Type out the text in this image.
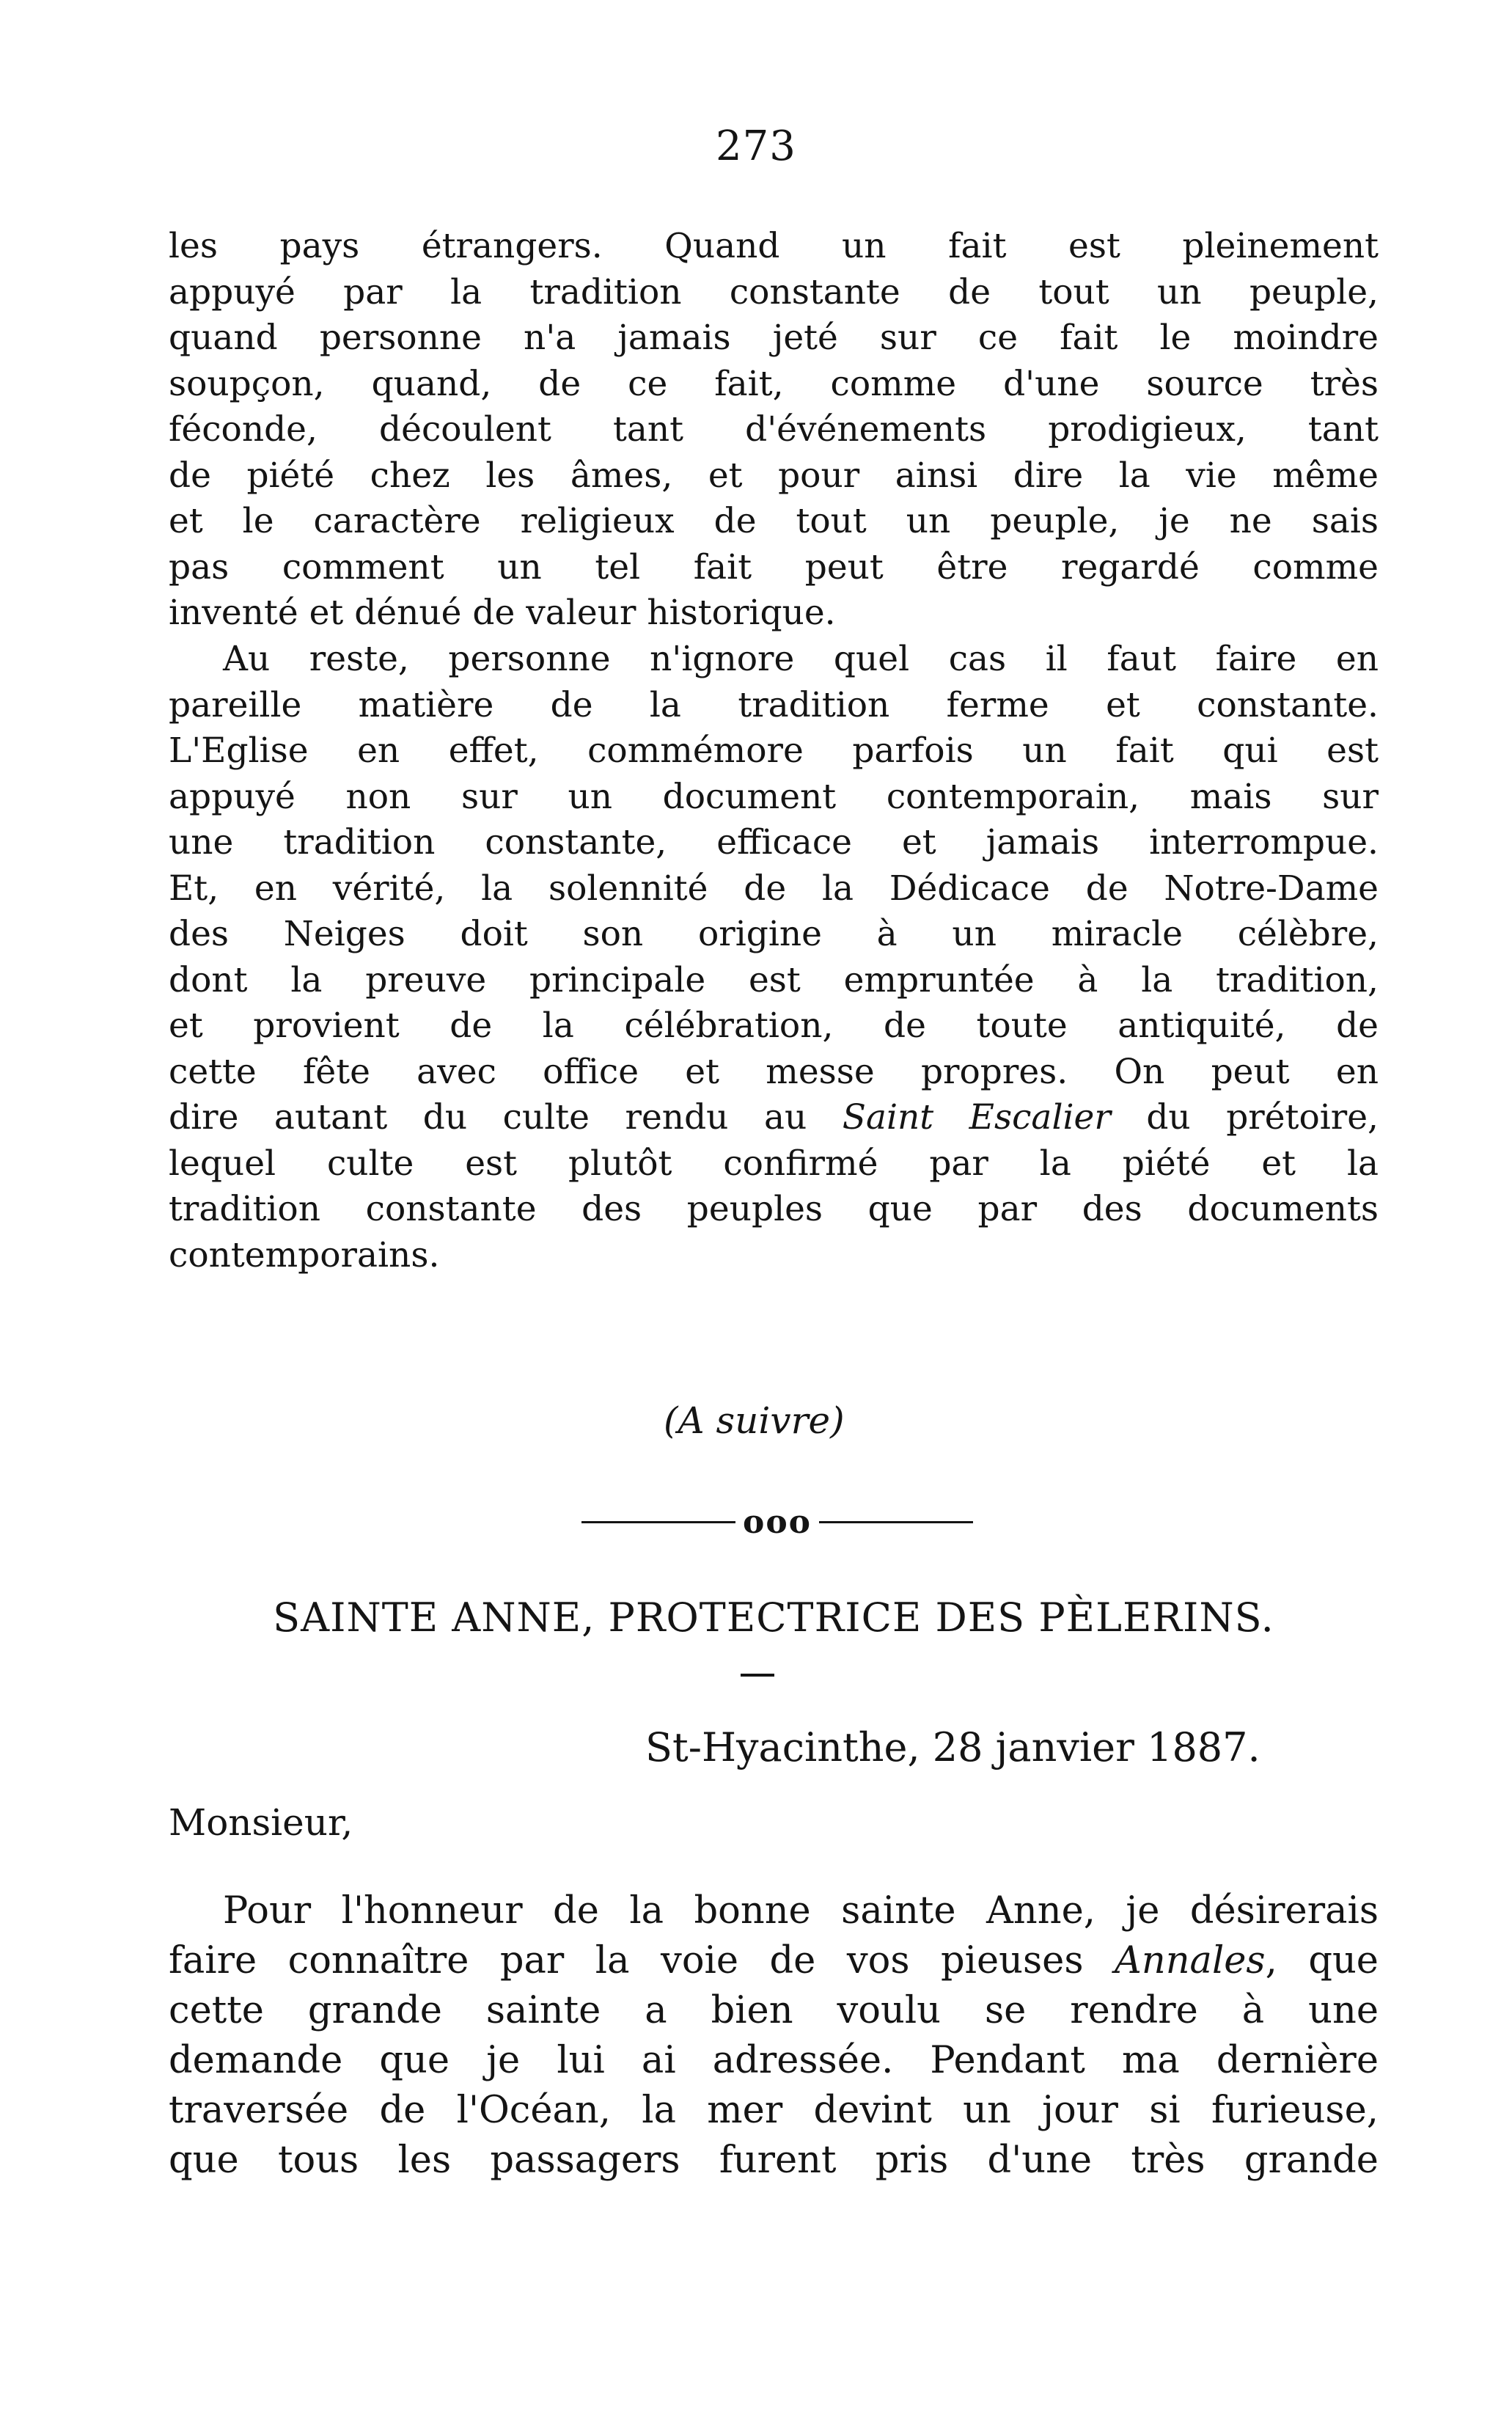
273
les pays étrangers. Quand un fait est pleinement
appuyé par la tradition constante de tout un peuple,
quand personne n'a jamais jeté sur ce fait le moindre
soupçon, quand, de ce fait, comme d'une source très
féconde, découlent tant d'événements prodigieux, tant
de piété chez les âmes, et pour ainsi dire la vie même
et le caractère religieux de tout un peuple, je ne sais
pas comment un tel fait peut être regardé comme
inventé et dénué de valeur historique.
Au reste, personne n'ignore quel cas il faut faire en
pareille matière de la tradition ferme et constante.
L'Eglise en effet, commémore parfois un fait qui est
appuyé non sur un document contemporain, mais sur
une tradition constante, efficace et jamais interrompue.
Et, en vérité, la solennité de la Dédicace de Notre-Dame
des Neiges doit son origine à un miracle célèbre,
dont la preuve principale est empruntée à la tradition,
et provient de la célébration, de toute antiquité, de
cette fête avec office et messe propres. On peut en
dire autant du culte rendu au Saint Escalier du prétoire,
lequel culte est plutôt confirmé par la piété et la
tradition constante des peuples que par des documents
contemporains.
(A suivre)
ooo
SAINTE ANNE, PROTECTRICE DES PÈLERINS.
St-Hyacinthe, 28 janvier 1887.
Monsieur,
Pour l'honneur de la bonne sainte Anne, je désirerais
faire connaître par la voie de vos pieuses Annales, que
cette grande sainte a bien voulu se rendre à une
demande que je lui ai adressée. Pendant ma dernière
traversée de l'Océan, la mer devint un jour si furieuse,
que tous les passagers furent pris d'une très grande
